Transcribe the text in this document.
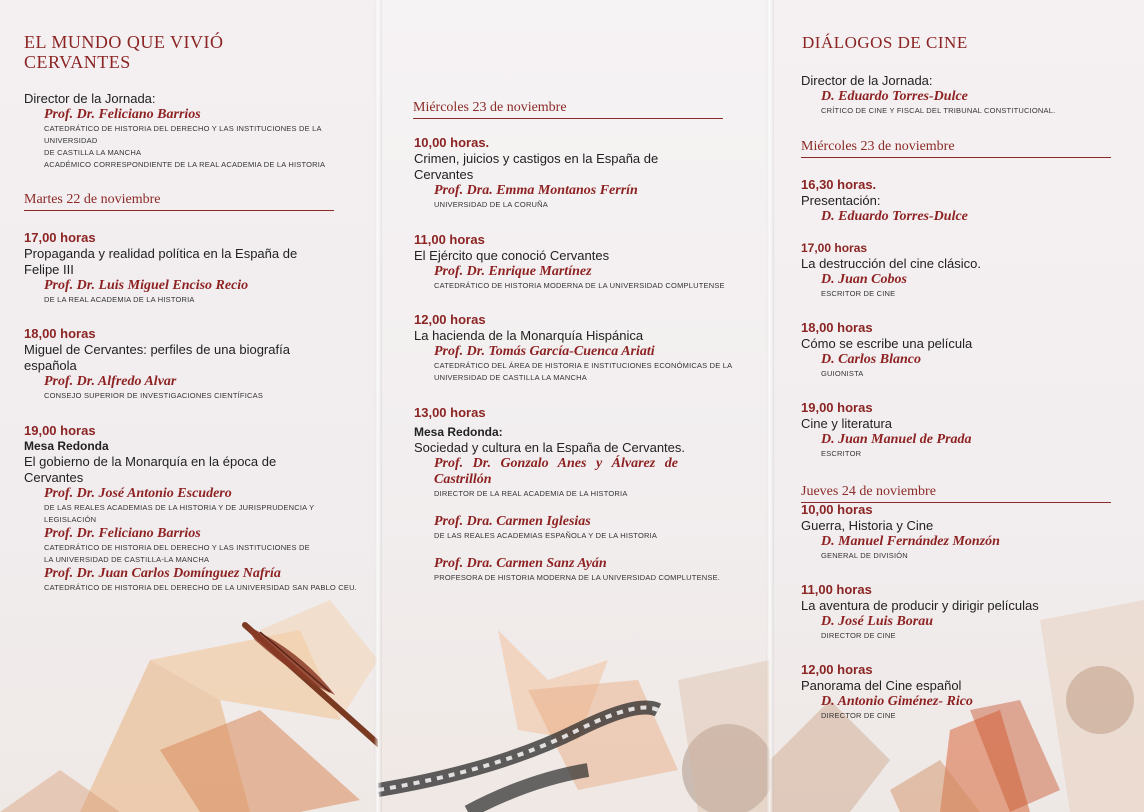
EL MUNDO QUE VIVIÓ
CERVANTES
Director de la Jornada:
Prof. Dr. Feliciano Barrios
CATEDRÁTICO DE HISTORIA DEL DERECHO Y LAS INSTITUCIONES DE LA
UNIVERSIDAD
DE CASTILLA LA MANCHA
ACADÉMICO CORRESPONDIENTE DE LA REAL ACADEMIA DE LA HISTORIA
Martes 22 de noviembre
17,00 horas
Propaganda y realidad política en la España de
Felipe III
Prof. Dr. Luis Miguel Enciso Recio
DE LA REAL ACADEMIA DE LA HISTORIA
18,00 horas
Miguel de Cervantes: perfiles de una biografía
española
Prof. Dr. Alfredo Alvar
CONSEJO SUPERIOR DE INVESTIGACIONES CIENTÍFICAS
19,00 horas
Mesa Redonda
El gobierno de la Monarquía en la época de
Cervantes
Prof. Dr. José Antonio Escudero
DE LAS REALES ACADEMIAS DE LA HISTORIA Y DE JURISPRUDENCIA Y LEGISLACIÓN
Prof. Dr. Feliciano Barrios
CATEDRÁTICO DE HISTORIA DEL DERECHO Y LAS INSTITUCIONES DE
LA UNIVERSIDAD DE CASTILLA-LA MANCHA
Prof. Dr. Juan Carlos Domínguez Nafría
CATEDRÁTICO DE HISTORIA DEL DERECHO DE LA UNIVERSIDAD SAN PABLO CEU.
Miércoles 23 de noviembre
10,00 horas.
Crimen, juicios y castigos en la España de
Cervantes
Prof. Dra. Emma Montanos Ferrín
UNIVERSIDAD DE LA CORUÑA
11,00 horas
El Ejército que conoció Cervantes
Prof. Dr. Enrique Martínez
CATEDRÁTICO DE HISTORIA MODERNA DE LA UNIVERSIDAD COMPLUTENSE
12,00 horas
La hacienda de la Monarquía Hispánica
Prof. Dr. Tomás García-Cuenca Ariati
CATEDRÁTICO DEL ÁREA DE HISTORIA E INSTITUCIONES ECONÓMICAS DE LA
UNIVERSIDAD DE CASTILLA LA MANCHA
13,00 horas
Mesa Redonda:
Sociedad y cultura en la España de Cervantes.
Prof. Dr. Gonzalo Anes y Álvarez de
Castrillón
DIRECTOR DE LA REAL ACADEMIA DE LA HISTORIA
Prof. Dra. Carmen Iglesias
DE LAS REALES ACADEMIAS ESPAÑOLA Y DE LA HISTORIA
Prof. Dra. Carmen Sanz Ayán
PROFESORA DE HISTORIA MODERNA DE LA UNIVERSIDAD COMPLUTENSE.
DIÁLOGOS DE CINE
Director de la Jornada:
D. Eduardo Torres-Dulce
CRÍTICO DE CINE Y FISCAL DEL TRIBUNAL CONSTITUCIONAL.
Miércoles 23 de noviembre
16,30 horas.
Presentación:
D. Eduardo Torres-Dulce
17,00 horas
La destrucción del cine clásico.
D. Juan Cobos
ESCRITOR DE CINE
18,00 horas
Cómo se escribe una película
D. Carlos Blanco
GUIONISTA
19,00 horas
Cine y literatura
D. Juan Manuel de Prada
ESCRITOR
Jueves 24 de noviembre
10,00 horas
Guerra, Historia y Cine
D. Manuel Fernández Monzón
GENERAL DE DIVISIÓN
11,00 horas
La aventura de producir y dirigir películas
D. José Luis Borau
DIRECTOR DE CINE
12,00 horas
Panorama del Cine español
D. Antonio Giménez- Rico
DIRECTOR DE CINE
